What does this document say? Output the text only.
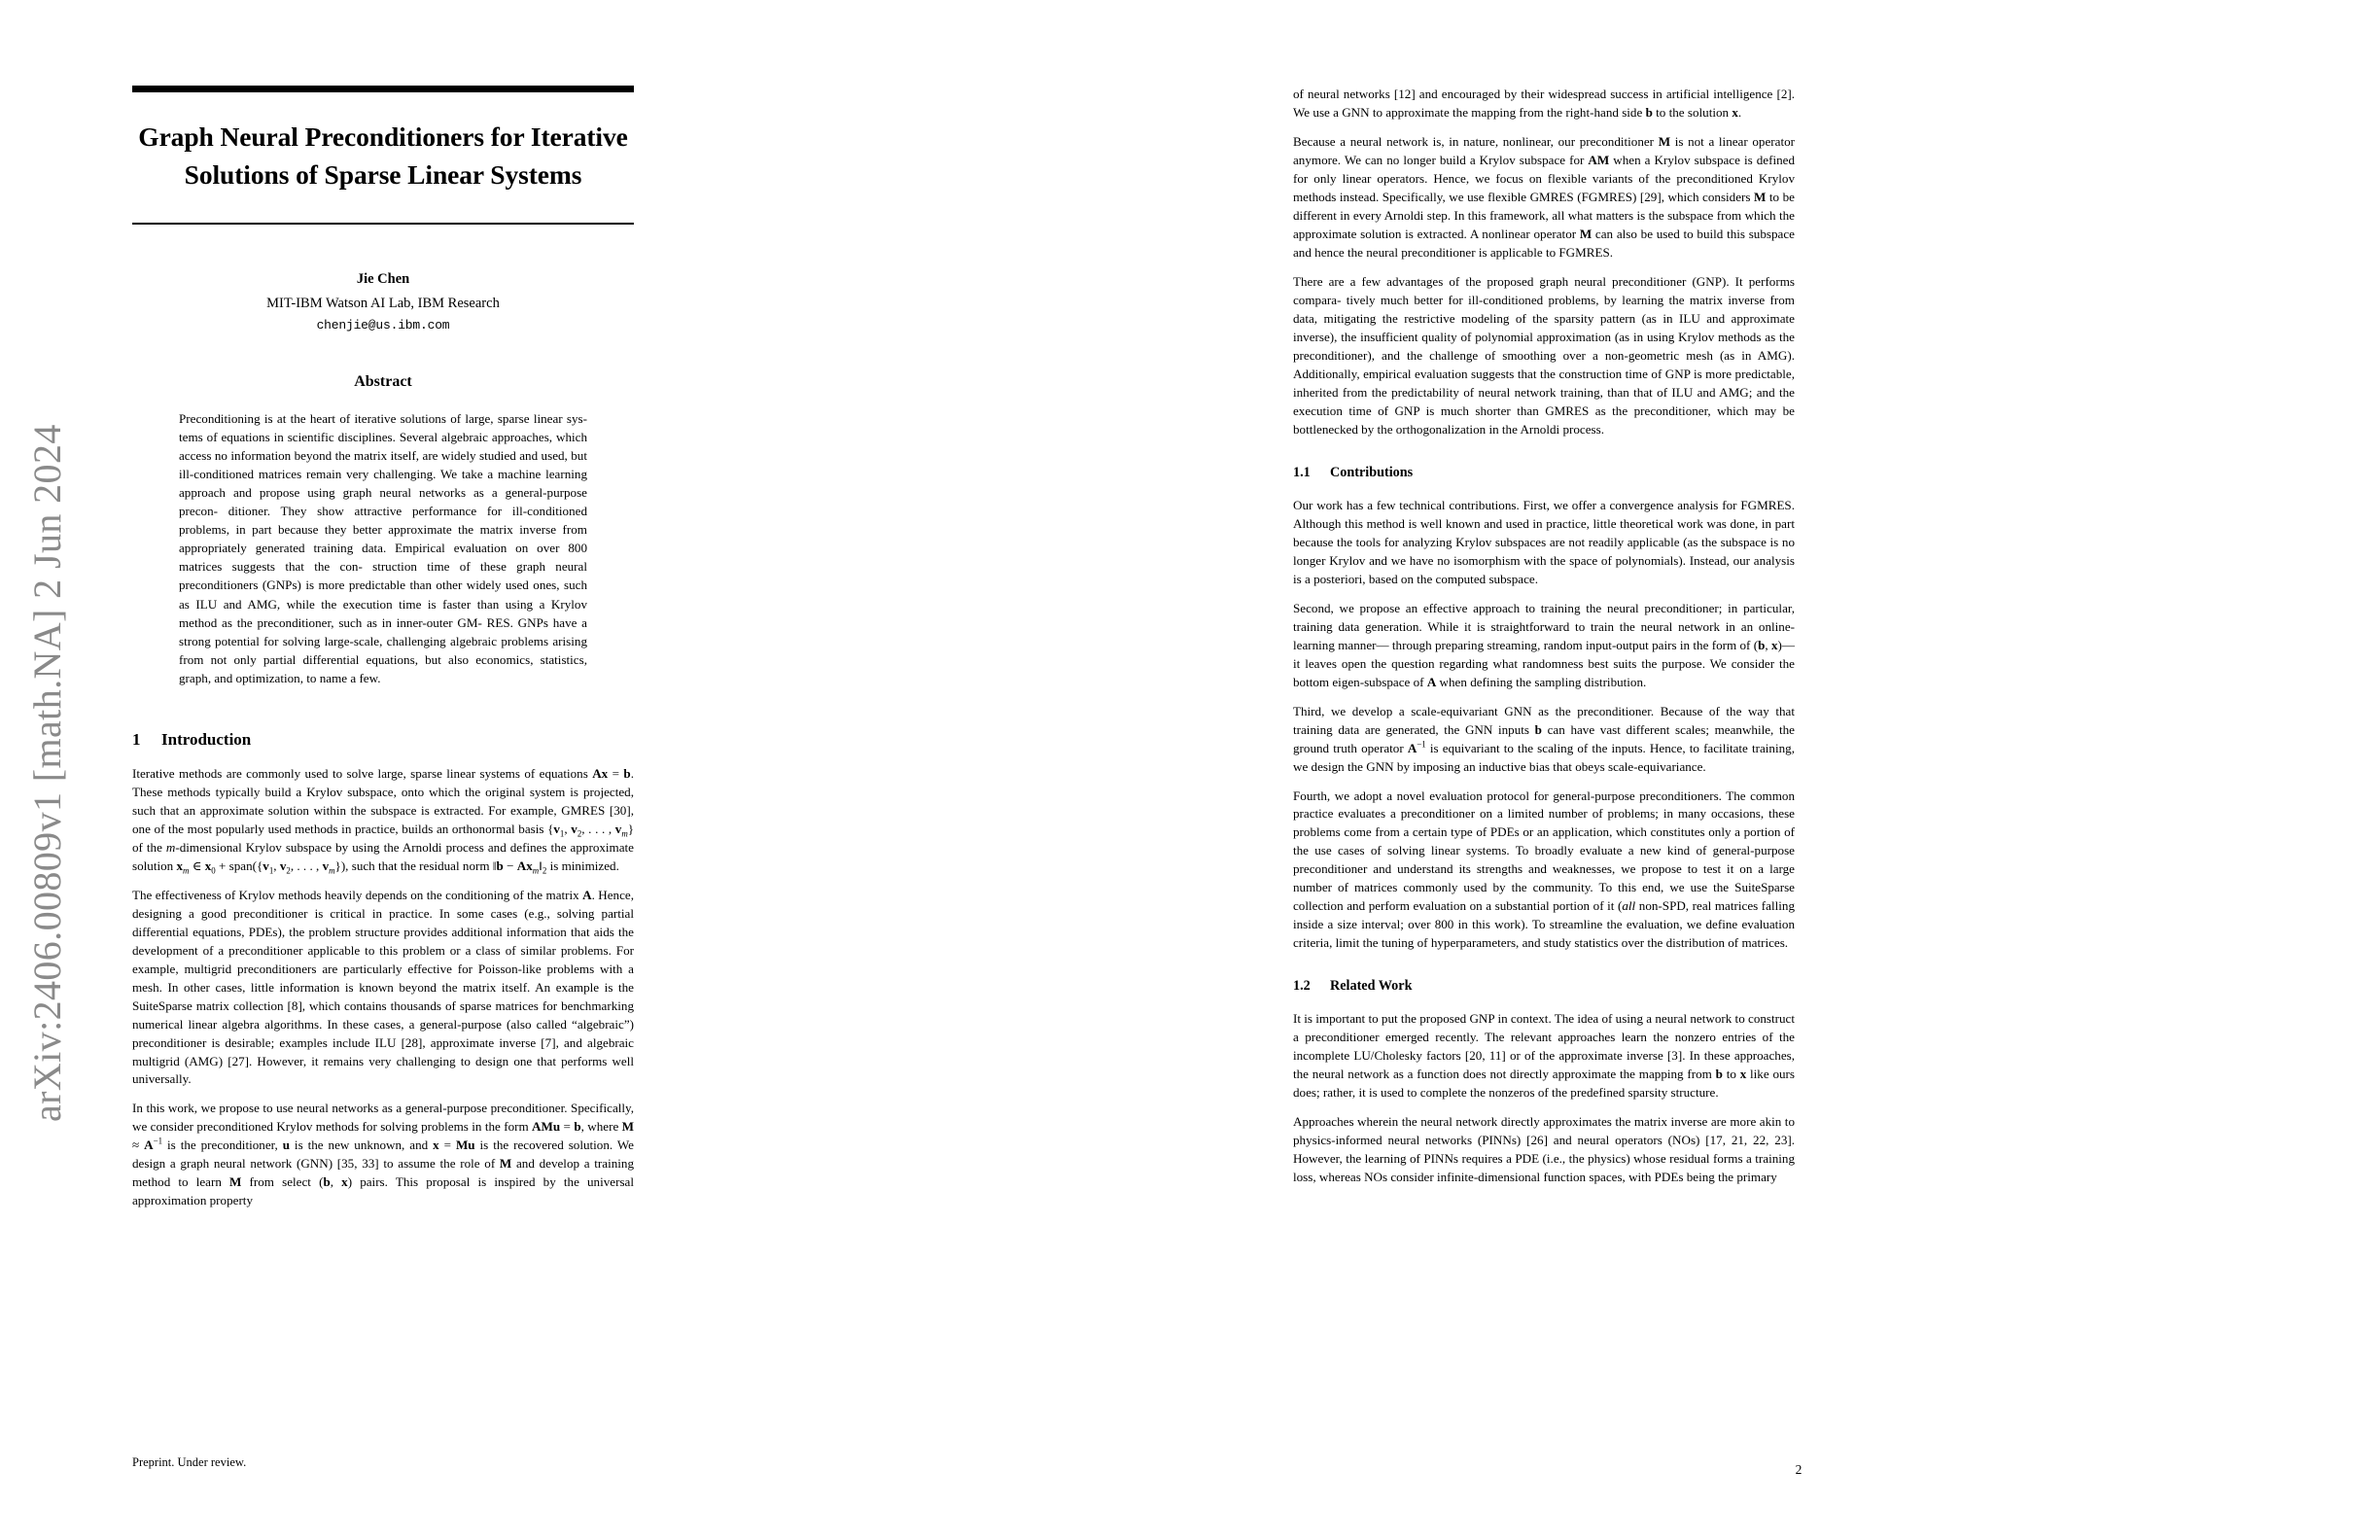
arXiv:2406.00809v1 [math.NA] 2 Jun 2024
Graph Neural Preconditioners for Iterative Solutions of Sparse Linear Systems
Jie Chen
MIT-IBM Watson AI Lab, IBM Research
chenjie@us.ibm.com
Abstract
Preconditioning is at the heart of iterative solutions of large, sparse linear sys- tems of equations in scientific disciplines. Several algebraic approaches, which access no information beyond the matrix itself, are widely studied and used, but ill-conditioned matrices remain very challenging. We take a machine learning approach and propose using graph neural networks as a general-purpose precon- ditioner. They show attractive performance for ill-conditioned problems, in part because they better approximate the matrix inverse from appropriately generated training data. Empirical evaluation on over 800 matrices suggests that the con- struction time of these graph neural preconditioners (GNPs) is more predictable than other widely used ones, such as ILU and AMG, while the execution time is faster than using a Krylov method as the preconditioner, such as in inner-outer GM- RES. GNPs have a strong potential for solving large-scale, challenging algebraic problems arising from not only partial differential equations, but also economics, statistics, graph, and optimization, to name a few.
1 Introduction

Iterative methods are commonly used to solve large, sparse linear systems of equations Ax = b. These methods typically build a Krylov subspace, onto which the original system is projected, such that an approximate solution within the subspace is extracted. For example, GMRES [30], one of the most popularly used methods in practice, builds an orthonormal basis {$v_1$, $v_2$, . . . , $v_m$} of the m-dimensional Krylov subspace by using the Arnoldi process and defines the approximate solution $x_m$ ∈ $x_0$ + $span(\{v_1$, $v_2$, . . . , $v_m$}), such that the residual norm ‖b − $Ax_m‖_2$ is minimized.

The effectiveness of Krylov methods heavily depends on the conditioning of the matrix A. Hence, designing a good preconditioner is critical in practice. In some cases (e.g., solving partial differential equations, PDEs), the problem structure provides additional information that aids the development of a preconditioner applicable to this problem or a class of similar problems. For example, multigrid preconditioners are particularly effective for Poisson-like problems with a mesh. In other cases, little information is known beyond the matrix itself. An example is the SuiteSparse matrix collection [8], which contains thousands of sparse matrices for benchmarking numerical linear algebra algorithms. In these cases, a general-purpose (also called “algebraic”) preconditioner is desirable; examples include ILU [28], approximate inverse [7], and algebraic multigrid (AMG) [27]. However, it remains very challenging to design one that performs well universally.

In this work, we propose to use neural networks as a general-purpose preconditioner. Specifically, we consider preconditioned Krylov methods for solving problems in the form AMu = b, where $M \approx A^{-1}$ is the preconditioner, u is the new unknown, and x = Mu is the recovered solution. We design a graph neural network (GNN) [35, 33] to assume the role of M and develop a training method to learn M from select (b, x) pairs. This proposal is inspired by the universal approximation property

Preprint. Under review.

of neural networks [12] and encouraged by their widespread success in artificial intelligence [2]. We use a GNN to approximate the mapping from the right-hand side b to the solution x.

Because a neural network is, in nature, nonlinear, our preconditioner M is not a linear operator anymore. We can no longer build a Krylov subspace for AM when a Krylov subspace is defined for only linear operators. Hence, we focus on flexible variants of the preconditioned Krylov methods instead. Specifically, we use flexible GMRES (FGMRES) [29], which considers M to be different in every Arnoldi step. In this framework, all what matters is the subspace from which the approximate solution is extracted. A nonlinear operator M can also be used to build this subspace and hence the neural preconditioner is applicable to FGMRES.

There are a few advantages of the proposed graph neural preconditioner (GNP). It performs compara- tively much better for ill-conditioned problems, by learning the matrix inverse from data, mitigating the restrictive modeling of the sparsity pattern (as in ILU and approximate inverse), the insufficient quality of polynomial approximation (as in using Krylov methods as the preconditioner), and the challenge of smoothing over a non-geometric mesh (as in AMG). Additionally, empirical evaluation suggests that the construction time of GNP is more predictable, inherited from the predictability of neural network training, than that of ILU and AMG; and the execution time of GNP is much shorter than GMRES as the preconditioner, which may be bottlenecked by the orthogonalization in the Arnoldi process.

1.1 Contributions

Our work has a few technical contributions. First, we offer a convergence analysis for FGMRES. Although this method is well known and used in practice, little theoretical work was done, in part because the tools for analyzing Krylov subspaces are not readily applicable (as the subspace is no longer Krylov and we have no isomorphism with the space of polynomials). Instead, our analysis is a posteriori, based on the computed subspace.

Second, we propose an effective approach to training the neural preconditioner; in particular, training data generation. While it is straightforward to train the neural network in an online-learning manner— through preparing streaming, random input-output pairs in the form of (b, x)—it leaves open the question regarding what randomness best suits the purpose. We consider the bottom eigen-subspace of A when defining the sampling distribution.

Third, we develop a scale-equivariant GNN as the preconditioner. Because of the way that training data are generated, the GNN inputs b can have vast different scales; meanwhile, the ground truth operator $A^{-1}$ is equivariant to the scaling of the inputs. Hence, to facilitate training, we design the GNN by imposing an inductive bias that obeys scale-equivariance.

Fourth, we adopt a novel evaluation protocol for general-purpose preconditioners. The common practice evaluates a preconditioner on a limited number of problems; in many occasions, these problems come from a certain type of PDEs or an application, which constitutes only a portion of the use cases of solving linear systems. To broadly evaluate a new kind of general-purpose preconditioner and understand its strengths and weaknesses, we propose to test it on a large number of matrices commonly used by the community. To this end, we use the SuiteSparse collection and perform evaluation on a substantial portion of it (all non-SPD, real matrices falling inside a size interval; over 800 in this work). To streamline the evaluation, we define evaluation criteria, limit the tuning of hyperparameters, and study statistics over the distribution of matrices.

1.2 Related Work

It is important to put the proposed GNP in context. The idea of using a neural network to construct a preconditioner emerged recently. The relevant approaches learn the nonzero entries of the incomplete LU/Cholesky factors [20, 11] or of the approximate inverse [3]. In these approaches, the neural network as a function does not directly approximate the mapping from b to x like ours does; rather, it is used to complete the nonzeros of the predefined sparsity structure.

Approaches wherein the neural network directly approximates the matrix inverse are more akin to physics-informed neural networks (PINNs) [26] and neural operators (NOs) [17, 21, 22, 23]. However, the learning of PINNs requires a PDE (i.e., the physics) whose residual forms a training loss, whereas NOs consider infinite-dimensional function spaces, with PDEs being the primary

2
